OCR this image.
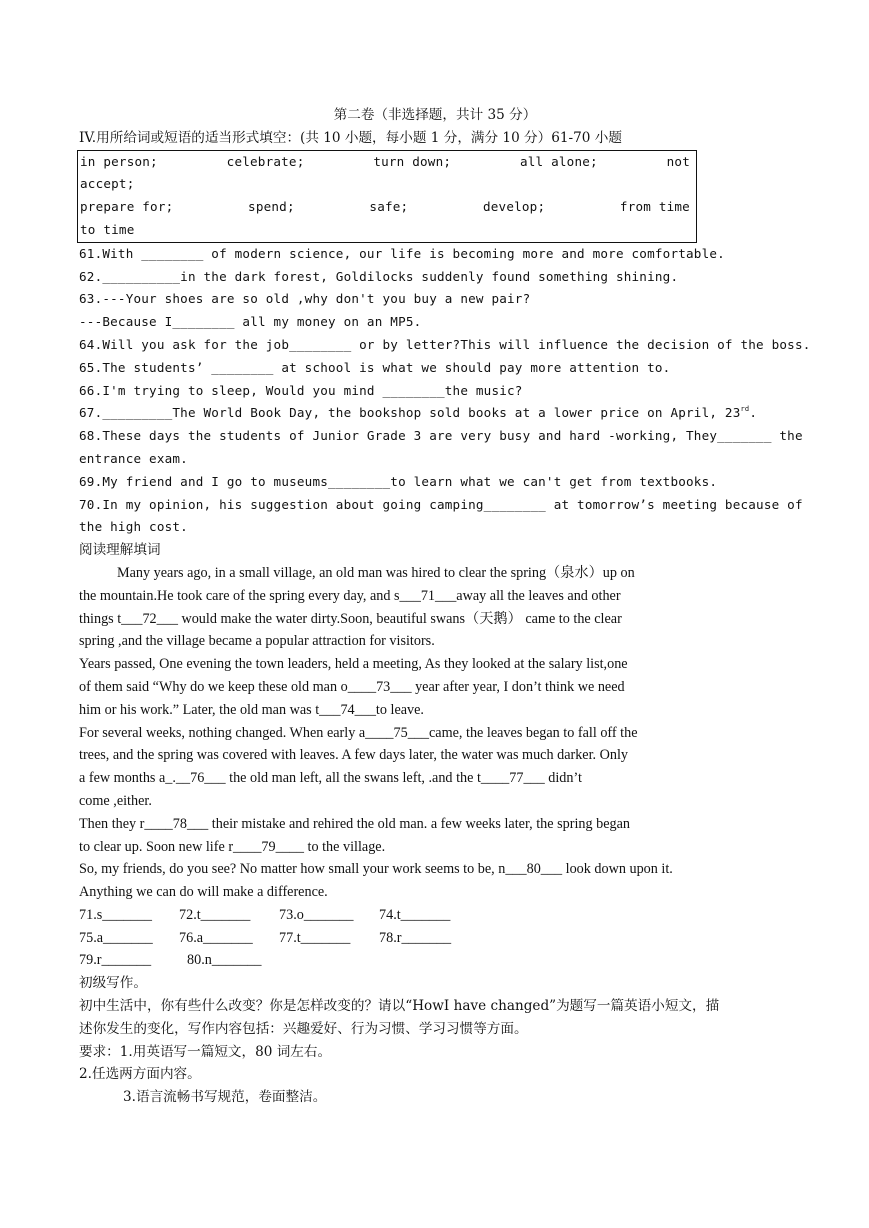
第二卷（非选择题，共计 35 分）
IV.用所给词或短语的适当形式填空：(共 10 小题，每小题 1 分，满分 10 分）61-70 小题
in person;	celebrate;	turn down;	all alone;	not
accept;
prepare for;	spend;	safe;	develop;	from time
to time
61.With ________ of modern science, our life is becoming more and more comfortable.
62.__________in the dark forest, Goldilocks suddenly found something shining.
63.---Your shoes are so old ,why don't you buy a new pair?
---Because I________ all my money on an MP5.
64.Will you ask for the job________ or by letter?This will influence the decision of the boss.
65.The students’ ________ at school is what we should pay more attention to.
66.I'm trying to sleep, Would you mind ________the music?
67._________The World Book Day, the bookshop sold books at a lower price on April, 23rd.
68.These days the students of Junior Grade 3 are very busy and hard -working, They_______ the
entrance exam.
69.My friend and I go to museums________to learn what we can't get from textbooks.
70.In my opinion, his suggestion about going camping________ at tomorrow’s meeting because of
the high cost.
阅读理解填词
Many years ago, in a small village, an old man was hired to clear the spring（泉水）up on
the mountain.He took care of the spring every day, and s___71___away all the leaves and other
things t___72___ would make the water dirty.Soon, beautiful swans（天鹅） came to the clear
spring ,and the village became a popular attraction for visitors.
Years passed, One evening the town leaders, held a meeting, As they looked at the salary list,one
of them said “Why do we keep these old man o____73___ year after year, I don’t think we need
him or his work.” Later, the old man was t___74___to leave.
For several weeks, nothing changed. When early a____75___came, the leaves began to fall off the
trees, and the spring was covered with leaves. A few days later, the water was much darker. Only
a few months a_.__76___ the old man left, all the swans left, .and the t____77___ didn’t
come ,either.
Then they r____78___ their mistake and rehired the old man. a few weeks later, the spring began
to clear up. Soon new life r____79____ to the village.
So, my friends, do you see? No matter how small your work seems to be, n___80___ look down upon it.
Anything we can do will make a difference.
71.s_______ 72.t_______ 73.o_______ 74.t_______
75.a_______ 76.a_______ 77.t_______ 78.r_______
79.r_______	80.n_______
初级写作。
初中生活中，你有些什么改变？你是怎样改变的？请以“HowI have changed”为题写一篇英语小短文，描
述你发生的变化，写作内容包括：兴趣爱好、行为习惯、学习习惯等方面。
要求：1.用英语写一篇短文，80 词左右。
2.任选两方面内容。
3.语言流畅书写规范，卷面整洁。
